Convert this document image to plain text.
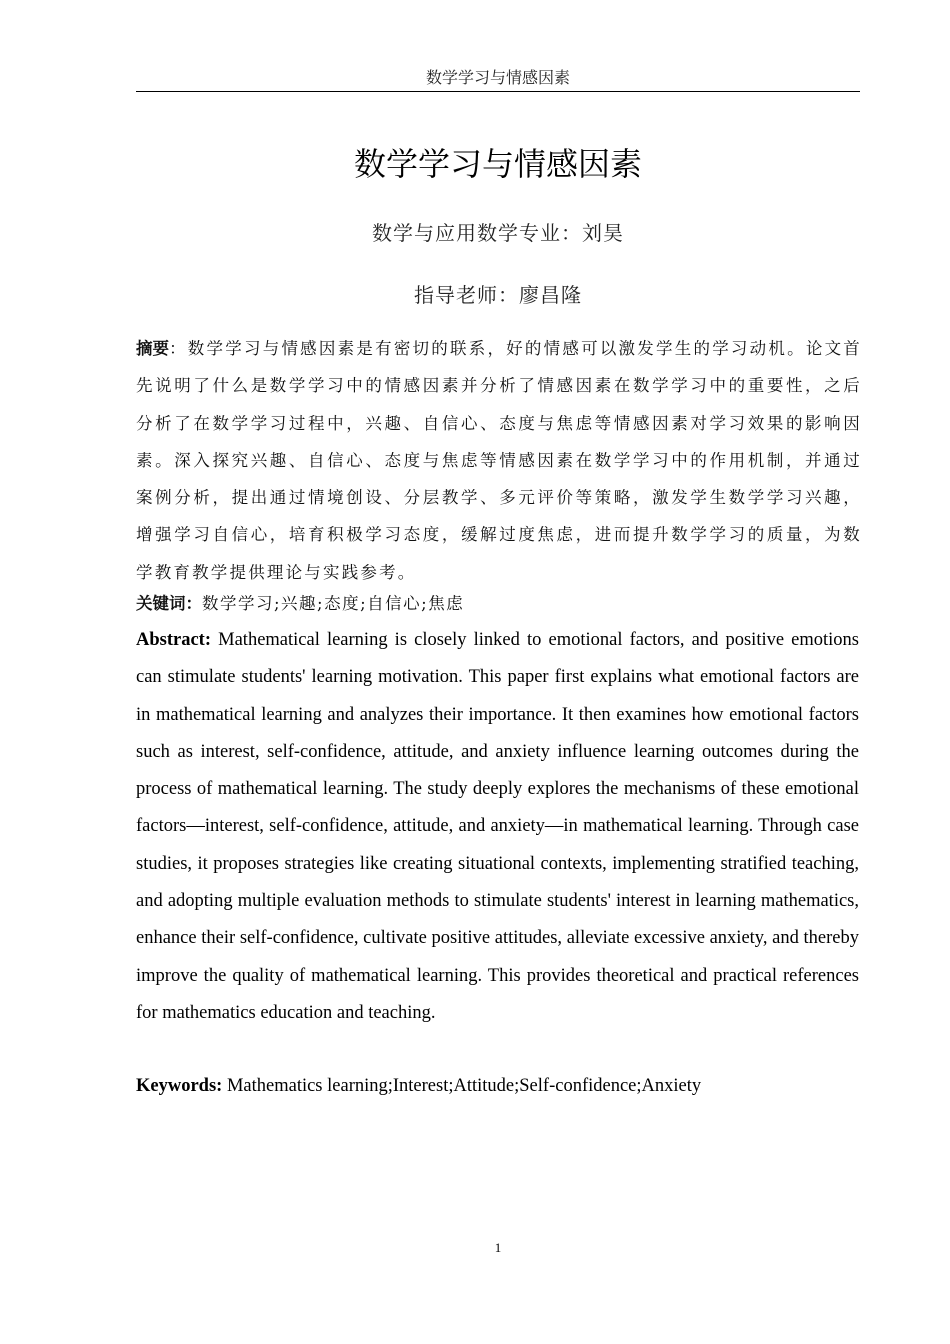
数学学习与情感因素
数学学习与情感因素
数学与应用数学专业：刘昊
指导老师：廖昌隆
摘要：数学学习与情感因素是有密切的联系，好的情感可以激发学生的学习动机。论文首先说明了什么是数学学习中的情感因素并分析了情感因素在数学学习中的重要性，之后分析了在数学学习过程中，兴趣、自信心、态度与焦虑等情感因素对学习效果的影响因素。深入探究兴趣、自信心、态度与焦虑等情感因素在数学学习中的作用机制，并通过案例分析，提出通过情境创设、分层教学、多元评价等策略，激发学生数学学习兴趣，增强学习自信心，培育积极学习态度，缓解过度焦虑，进而提升数学学习的质量，为数学教育教学提供理论与实践参考。
关键词：数学学习;兴趣;态度;自信心;焦虑
Abstract: Mathematical learning is closely linked to emotional factors, and positive emotions can stimulate students' learning motivation. This paper first explains what emotional factors are in mathematical learning and analyzes their importance. It then examines how emotional factors such as interest, self-confidence, attitude, and anxiety influence learning outcomes during the process of mathematical learning. The study deeply explores the mechanisms of these emotional factors—interest, self-confidence, attitude, and anxiety—in mathematical learning. Through case studies, it proposes strategies like creating situational contexts, implementing stratified teaching, and adopting multiple evaluation methods to stimulate students' interest in learning mathematics, enhance their self-confidence, cultivate positive attitudes, alleviate excessive anxiety, and thereby improve the quality of mathematical learning. This provides theoretical and practical references for mathematics education and teaching.
Keywords: Mathematics learning;Interest;Attitude;Self-confidence;Anxiety
1
